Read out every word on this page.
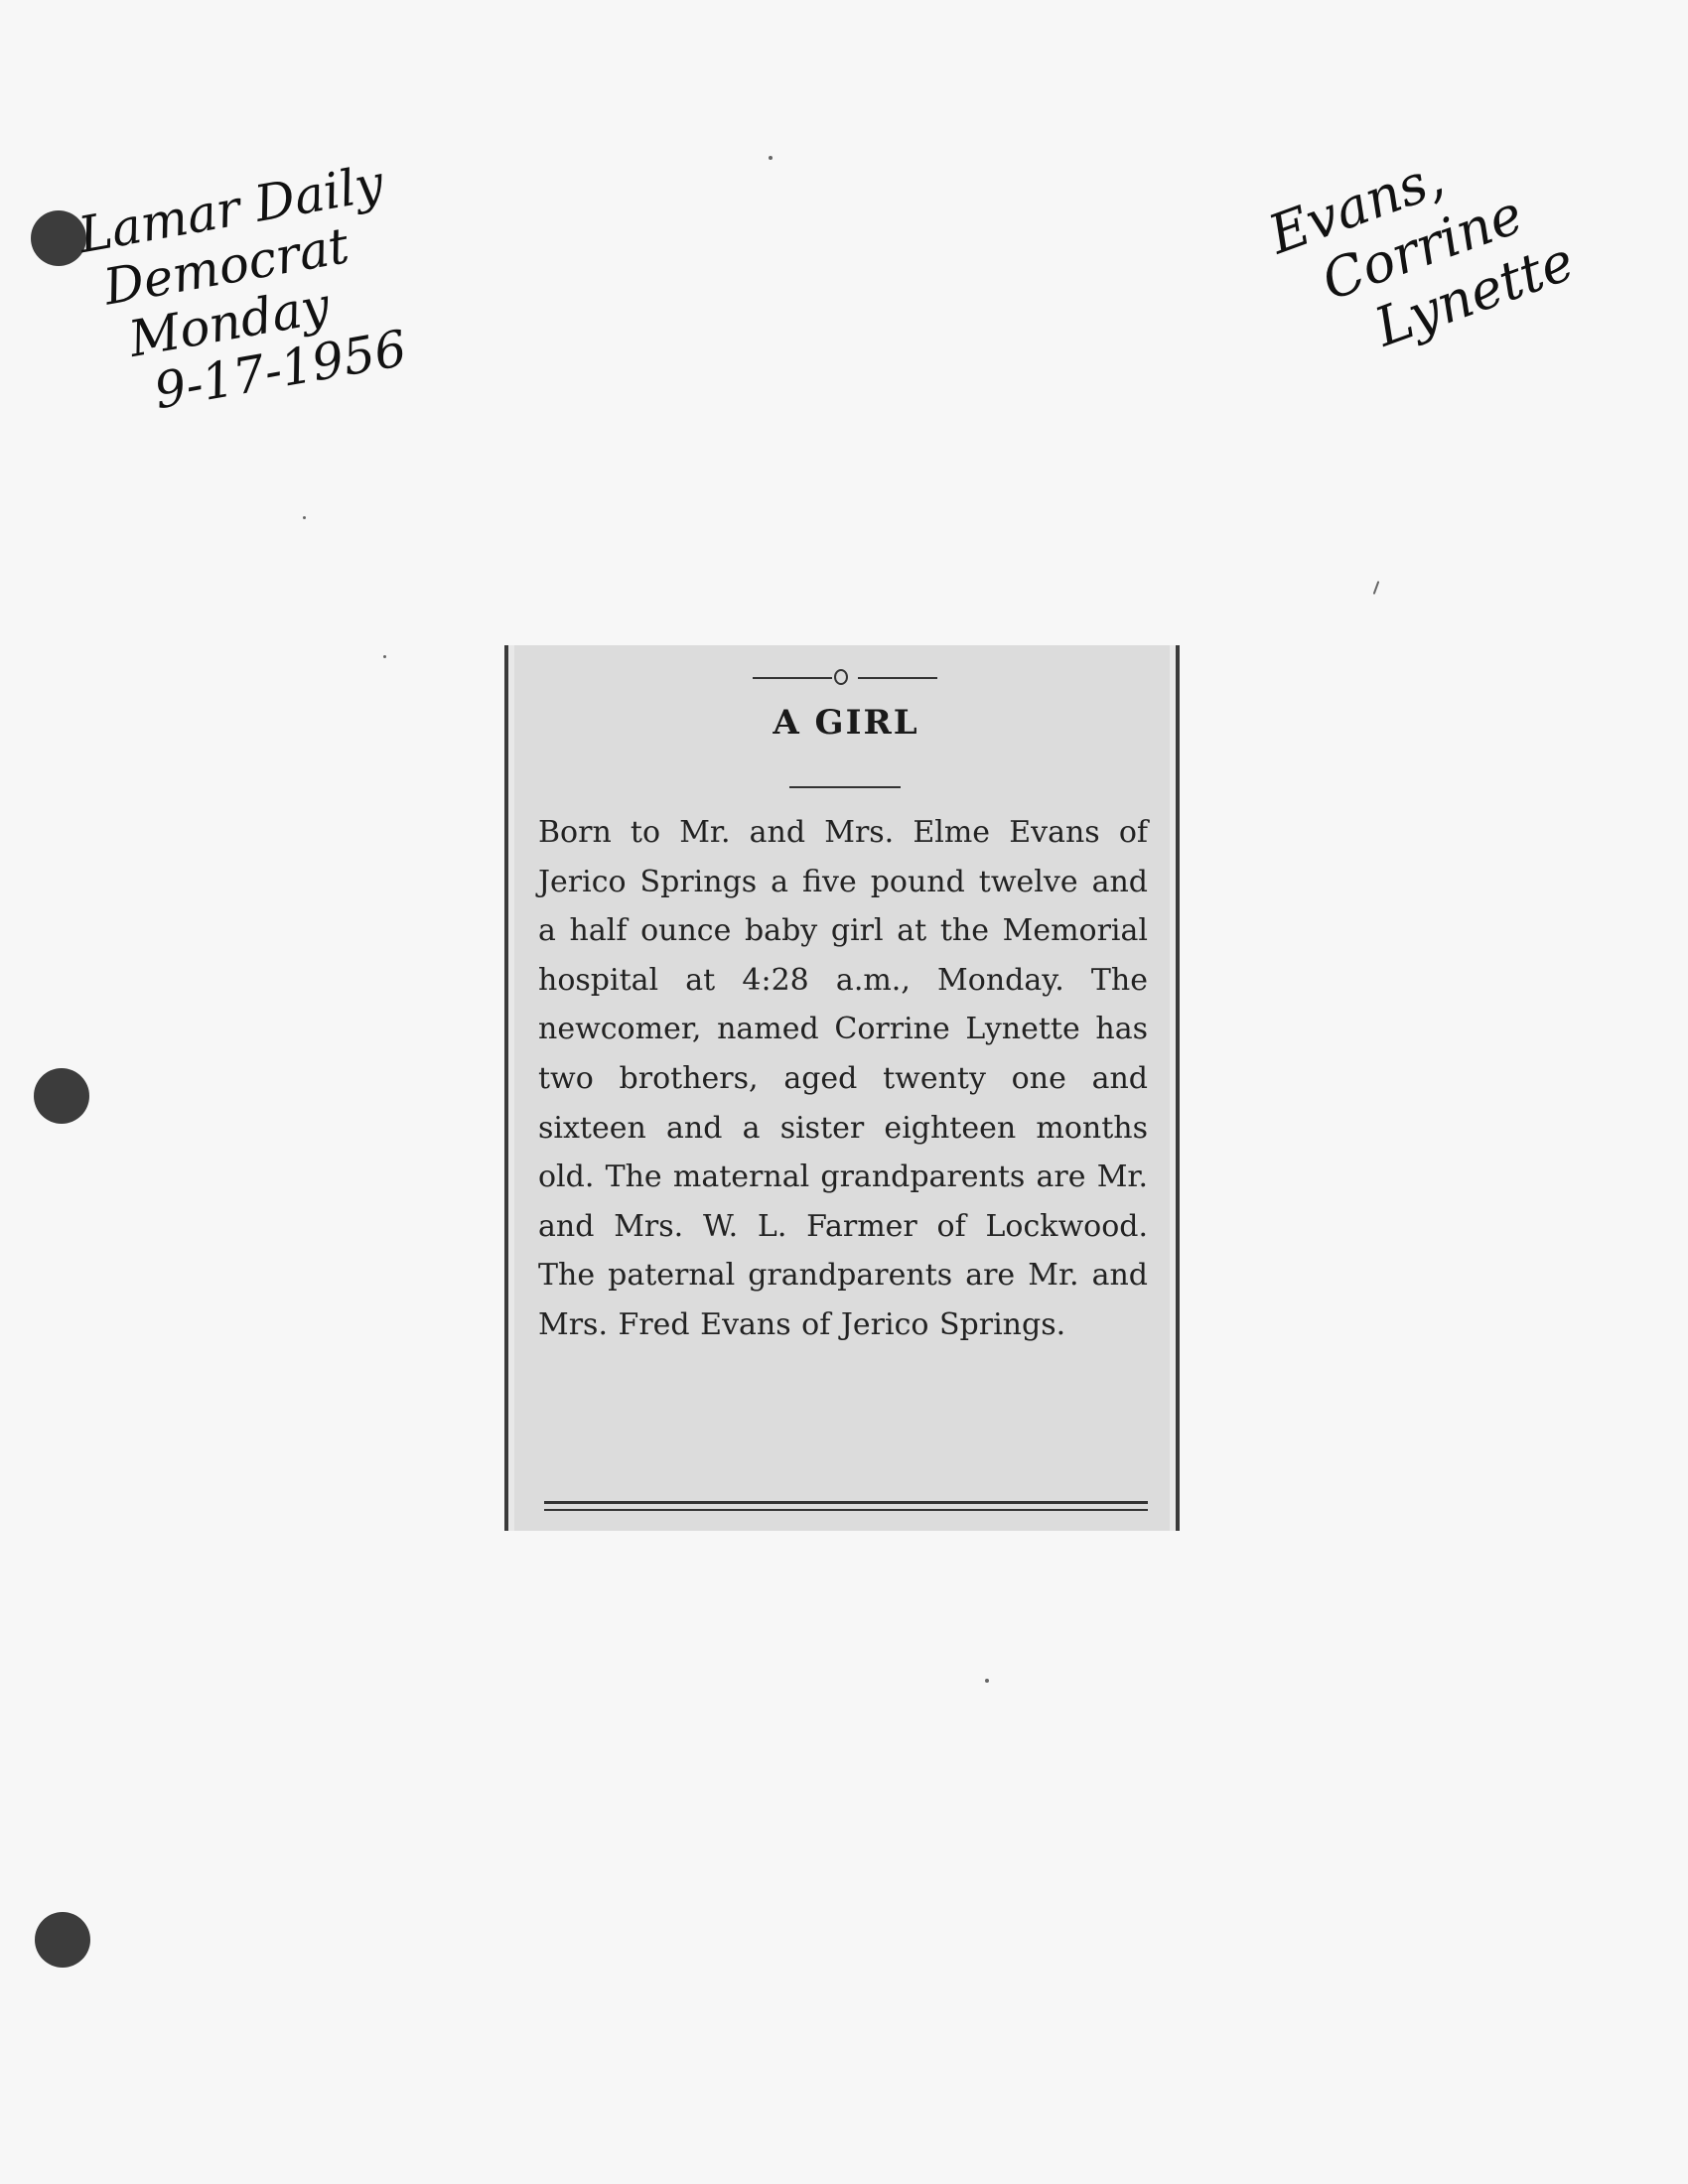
Lamar Daily
Democrat
Monday
9-17-1956
Evans,
Corrine
Lynette
A GIRL

Born to Mr. and Mrs. Elme Evans of Jerico Springs a five pound twelve and a half ounce baby girl at the Memorial hospital at 4:28 a.m., Monday. The newcomer, named Corrine Lynette has two brothers, aged twenty one and sixteen and a sister eighteen months old. The maternal grandparents are Mr. and Mrs. W. L. Farmer of Lockwood. The paternal grandparents are Mr. and Mrs. Fred Evans of Jerico Springs.
